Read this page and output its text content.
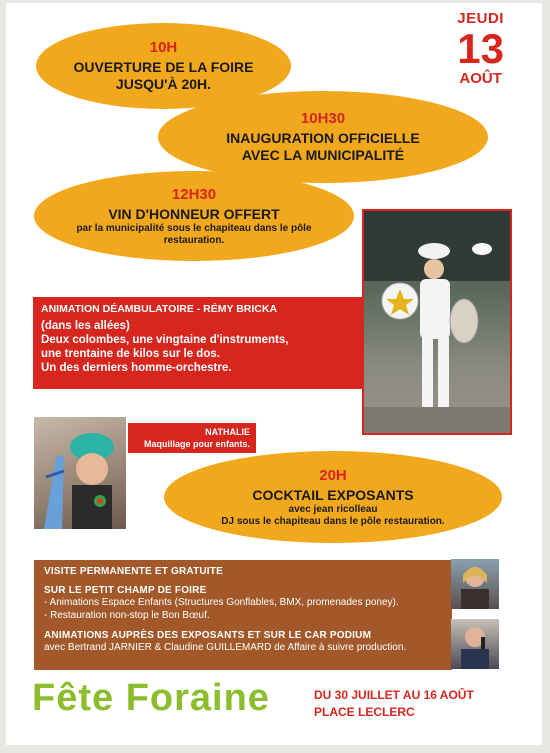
JEUDI
13
AOÛT
10H
OUVERTURE DE LA FOIRE
JUSQU'À 20H.
10H30
INAUGURATION OFFICIELLE
AVEC LA MUNICIPALITÉ
12H30
VIN D'HONNEUR OFFERT
par la municipalité sous le chapiteau dans le pôle
restauration.
ANIMATION DÉAMBULATOIRE - RÉMY BRICKA
(dans les allées)
Deux colombes, une vingtaine d'instruments,
une trentaine de kilos sur le dos.
Un des derniers homme-orchestre.
NATHALIE
Maquillage pour enfants.
20H
COCKTAIL EXPOSANTS
avec jean ricolleau
DJ sous le chapiteau dans le pôle restauration.
VISITE PERMANENTE ET GRATUITE
SUR LE PETIT CHAMP DE FOIRE
- Animations Espace Enfants (Structures Gonflables, BMX, promenades poney).
- Restauration non-stop le Bon Bœuf.
ANIMATIONS AUPRÈS DES EXPOSANTS ET SUR LE CAR PODIUM
avec Bertrand JARNIER & Claudine GUILLEMARD de Affaire à suivre production.
Fête Foraine	DU 30 JUILLET AU 16 AOÛT
PLACE LECLERC
